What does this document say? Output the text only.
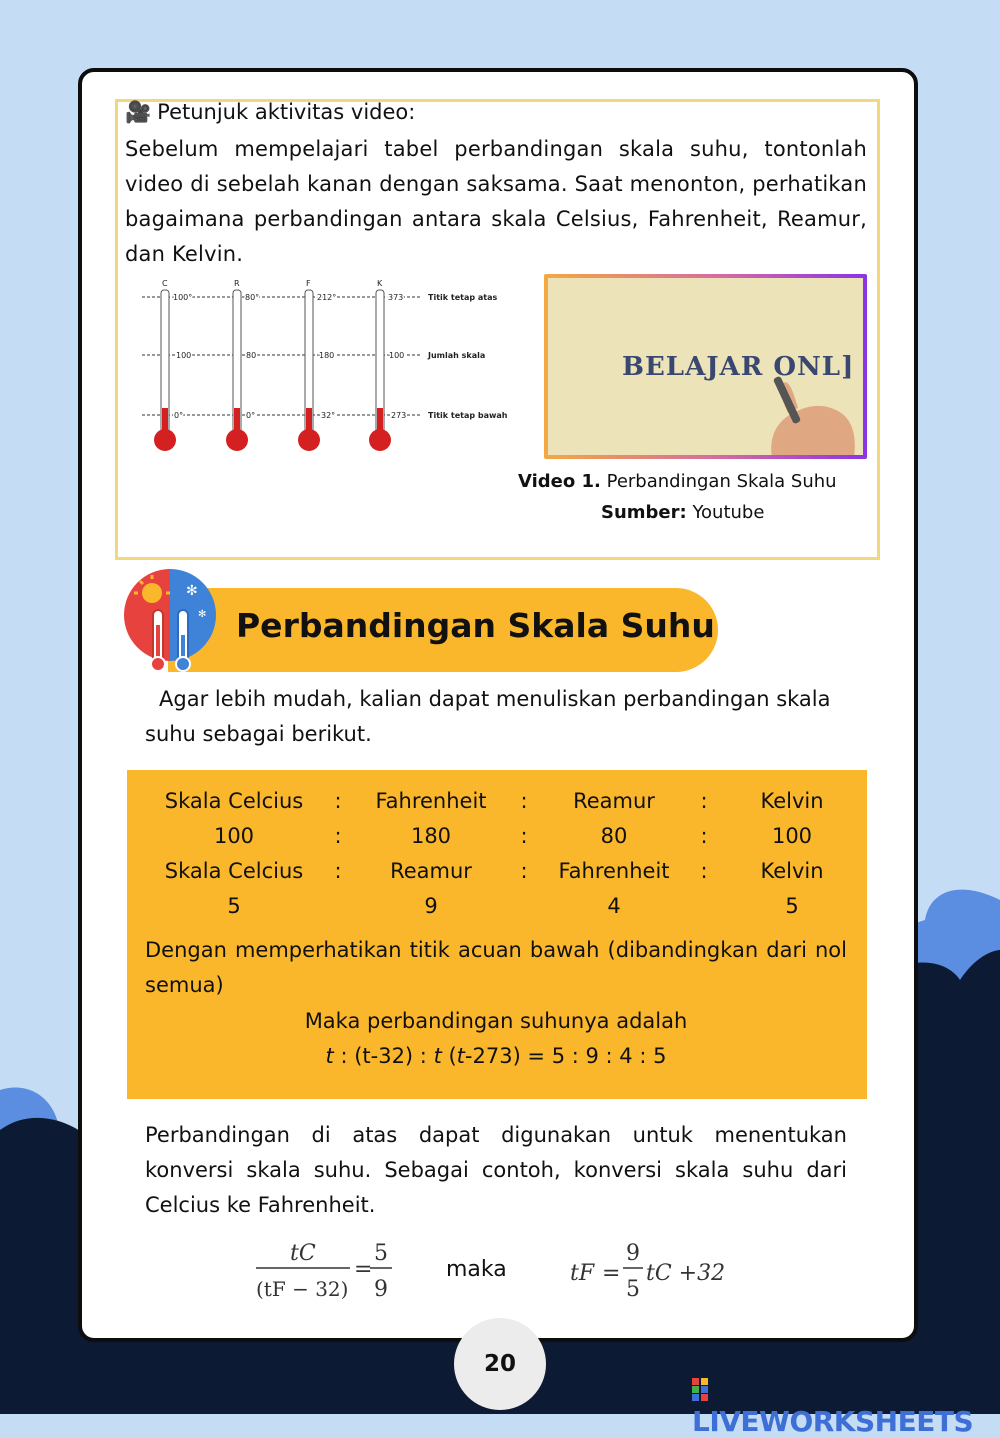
🎥 Petunjuk aktivitas video:
Sebelum mempelajari tabel perbandingan skala suhu, tontonlah video di sebelah kanan dengan saksama. Saat menonton, perhatikan bagaimana perbandingan antara skala Celsius, Fahrenheit, Reamur, dan Kelvin.
C	R	F	K
100°	80°	212°	373
100	80	180	100
0°	0°	32°	273
Titik tetap atas
Jumlah skala
Titik tetap bawah
BELAJAR ONL]
Video 1. Perbandingan Skala Suhu
Sumber: Youtube
✻
✻ Perbandingan Skala Suhu
Agar lebih mudah, kalian dapat menuliskan perbandingan skala suhu sebagai berikut.
Skala Celcius	:	Fahrenheit	:	Reamur	:	Kelvin
100	:	180	:	80	:	100
Skala Celcius	:	Reamur	:	Fahrenheit	:	Kelvin
5	9	4	5
Dengan memperhatikan titik acuan bawah (dibandingkan dari nol semua)
Maka perbandingan suhunya adalah
t : (t-32) : t (t-273) = 5 : 9 : 4 : 5
Perbandingan di atas dapat digunakan untuk menentukan konversi skala suhu. Sebagai contoh, konversi skala suhu dari Celcius ke Fahrenheit.
tC
(tF − 32)
=
5
9
maka	tF =
9
5
tC +32
20
LIVEWORKSHEETS
